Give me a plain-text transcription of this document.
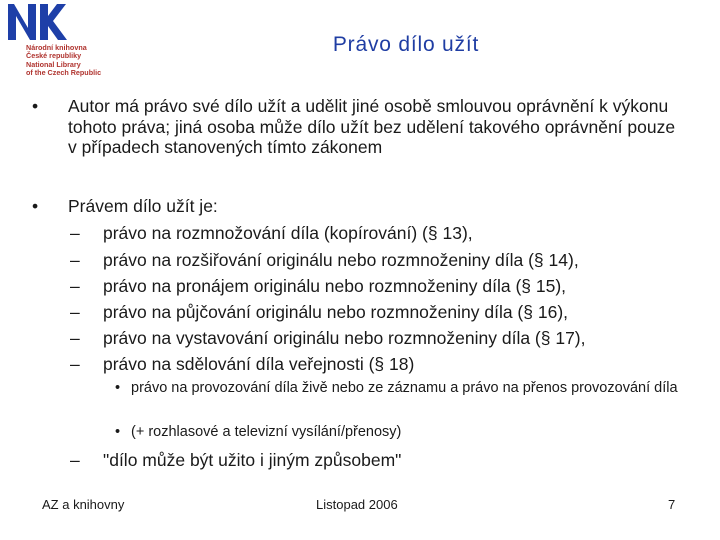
Národní knihovna
České republiky
National Library
of the Czech Republic
Právo dílo užít
• Autor má právo své dílo užít a udělit jiné osobě smlouvou oprávnění k výkonu tohoto práva; jiná osoba může dílo užít bez udělení takového oprávnění pouze v případech stanovených tímto zákonem
• Právem dílo užít je:
– právo na rozmnožování díla (kopírování) (§ 13),
– právo na rozšiřování originálu nebo rozmnoženiny díla (§ 14),
– právo na pronájem originálu nebo rozmnoženiny díla (§ 15),
– právo na půjčování originálu nebo rozmnoženiny díla (§ 16),
– právo na vystavování originálu nebo rozmnoženiny díla (§ 17),
– právo na sdělování díla veřejnosti (§ 18)
• právo na provozování díla živě nebo ze záznamu a právo na přenos provozování díla
• (+ rozhlasové a televizní vysílání/přenosy)
– "dílo může být užito i jiným způsobem"
AZ a knihovny	Listopad 2006	7
